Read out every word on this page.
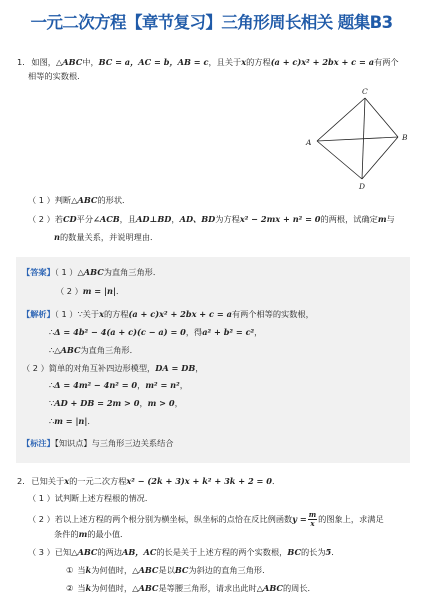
一元二次方程【章节复习】三角形周长相关 题集B3
1. 如图，△ABC中，BC = a，AC = b，AB = c，且关于x的方程(a + c)x² + 2bx + c = a有两个
相等的实数根．
A
C
B
D
（ 1 ）判断△ABC的形状．
（ 2 ）若CD平分∠ACB，且AD⊥BD，AD、BD为方程x² − 2mx + n² = 0的两根，试确定m与
n的数量关系，并说明理由．
【答案】（ 1 ）△ABC为直角三角形．
（ 2 ）m = |n|．
【解析】（ 1 ）∵关于x的方程(a + c)x² + 2bx + c = a有两个相等的实数根，
∴Δ = 4b² − 4(a + c)(c − a) = 0，得a² + b² = c²，
∴△ABC为直角三角形．
（ 2 ）简单的对角互补四边形模型，DA = DB，
∴Δ = 4m² − 4n² = 0，m² = n²，
∵AD + DB = 2m > 0，m > 0，
∴m = |n|．
【标注】【知识点】与三角形三边关系结合
2. 已知关于x的一元二次方程x² − (2k + 3)x + k² + 3k + 2 = 0．
（ 1 ）试判断上述方程根的情况．
（ 2 ）若以上述方程的两个根分别为横坐标，纵坐标的点恰在反比例函数$y = \frac{m}{x}$ 的图象上，求满足
条件的m的最小值．
（ 3 ）已知△ABC的两边AB，AC的长是关于上述方程的两个实数根，BC的长为5．
① 当k为何值时，△ABC是以BC为斜边的直角三角形．
② 当k为何值时，△ABC是等腰三角形，请求出此时△ABC的周长．
